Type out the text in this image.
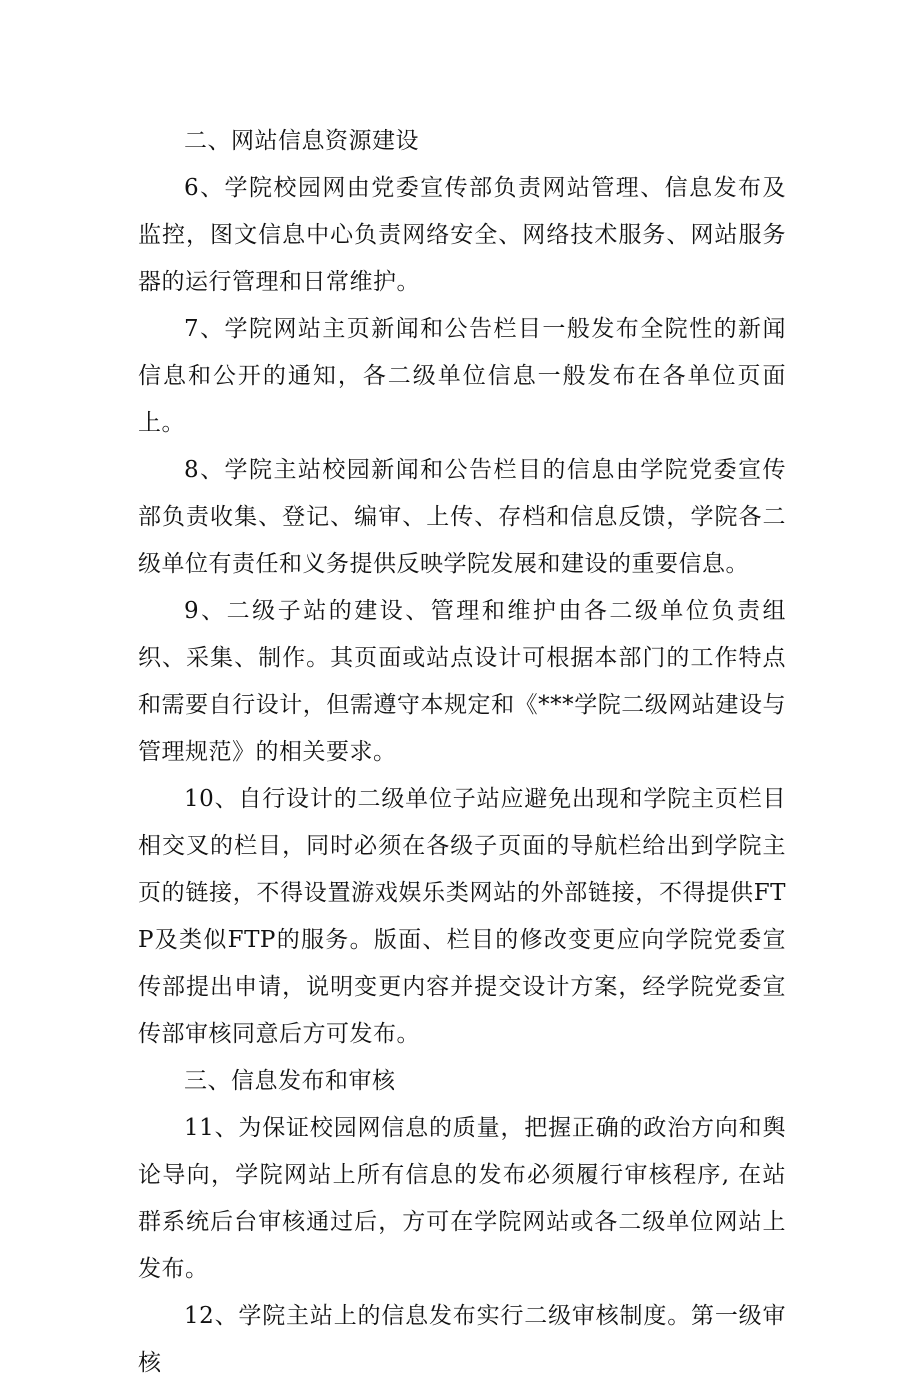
二、网站信息资源建设

6、学院校园网由党委宣传部负责网站管理、信息发布及监控，图文信息中心负责网络安全、网络技术服务、网站服务器的运行管理和日常维护。

7、学院网站主页新闻和公告栏目一般发布全院性的新闻信息和公开的通知，各二级单位信息一般发布在各单位页面上。

8、学院主站校园新闻和公告栏目的信息由学院党委宣传部负责收集、登记、编审、上传、存档和信息反馈，学院各二级单位有责任和义务提供反映学院发展和建设的重要信息。

9、二级子站的建设、管理和维护由各二级单位负责组织、采集、制作。其页面或站点设计可根据本部门的工作特点和需要自行设计，但需遵守本规定和《***学院二级网站建设与管理规范》的相关要求。

10、自行设计的二级单位子站应避免出现和学院主页栏目相交叉的栏目，同时必须在各级子页面的导航栏给出到学院主页的链接，不得设置游戏娱乐类网站的外部链接，不得提供FTP及类似FTP的服务。版面、栏目的修改变更应向学院党委宣传部提出申请，说明变更内容并提交设计方案，经学院党委宣传部审核同意后方可发布。

三、信息发布和审核

11、为保证校园网信息的质量，把握正确的政治方向和舆论导向，学院网站上所有信息的发布必须履行审核程序, 在站群系统后台审核通过后，方可在学院网站或各二级单位网站上发布。

12、学院主站上的信息发布实行二级审核制度。第一级审核
